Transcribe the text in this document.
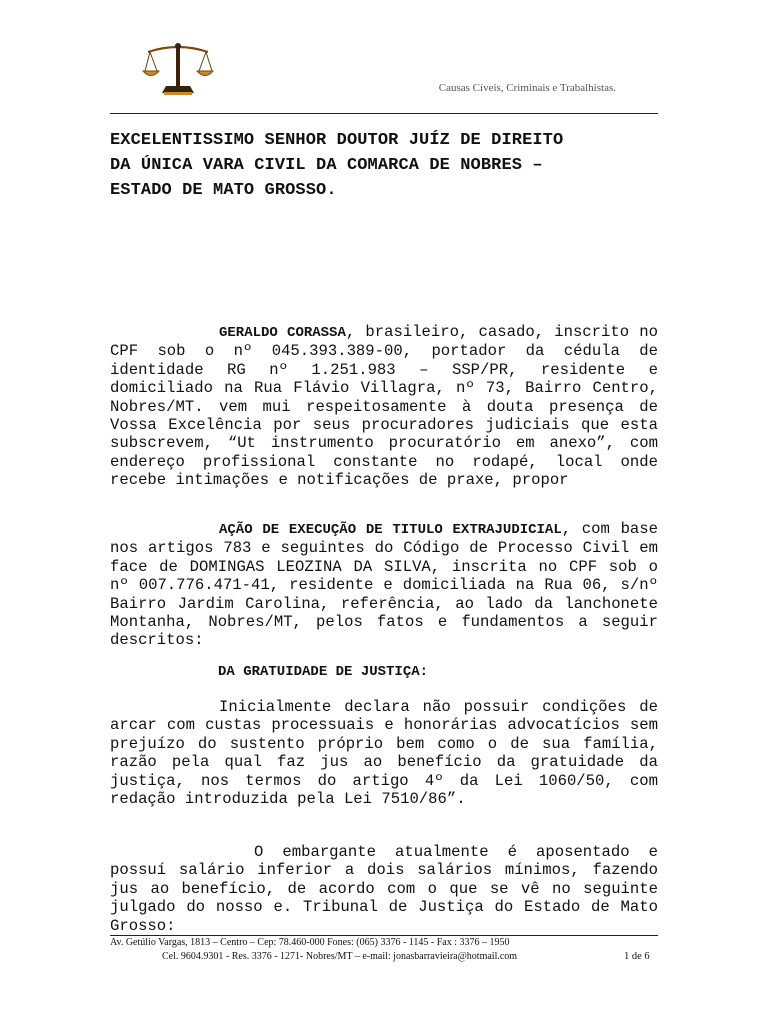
Causas Cíveis, Criminais e Trabalhistas.
EXCELENTISSIMO SENHOR DOUTOR JUÍZ DE DIREITO
DA ÚNICA VARA CIVIL DA COMARCA DE NOBRES –
ESTADO DE MATO GROSSO.

GERALDO CORASSA, brasileiro, casado, inscrito no CPF sob o nº 045.393.389-00, portador da cédula de identidade RG nº 1.251.983 – SSP/PR, residente e domiciliado na Rua Flávio Villagra, nº 73, Bairro Centro, Nobres/MT. vem mui respeitosamente à douta presença de Vossa Excelência por seus procuradores judiciais que esta subscrevem, “Ut instrumento procuratório em anexo”, com endereço profissional constante no rodapé, local onde recebe intimações e notificações de praxe, propor

AÇÃO DE EXECUÇÃO DE TITULO EXTRAJUDICIAL, com base nos artigos 783 e seguintes do Código de Processo Civil em face de DOMINGAS LEOZINA DA SILVA, inscrita no CPF sob o nº 007.776.471-41, residente e domiciliada na Rua 06, s/nº Bairro Jardim Carolina, referência, ao lado da lanchonete Montanha, Nobres/MT, pelos fatos e fundamentos a seguir descritos:

DA GRATUIDADE DE JUSTIÇA:

Inicialmente declara não possuir condições de arcar com custas processuais e honorárias advocatícios sem prejuízo do sustento próprio bem como o de sua família, razão pela qual faz jus ao benefício da gratuidade da justiça, nos termos do artigo 4º da Lei 1060/50, com redação introduzida pela Lei 7510/86”.

O embargante atualmente é aposentado e possuí salário inferior a dois salários mínimos, fazendo jus ao benefício, de acordo com o que se vê no seguinte julgado do nosso e. Tribunal de Justiça do Estado de Mato Grosso:

Av. Getúlio Vargas, 1813 – Centro – Cep: 78.460-000 Fones: (065) 3376 - 1145 - Fax : 3376 – 1950
Cel. 9604.9301 - Res. 3376 - 1271- Nobres/MT – e-mail: jonasbarravieira@hotmail.com	1 de 6
